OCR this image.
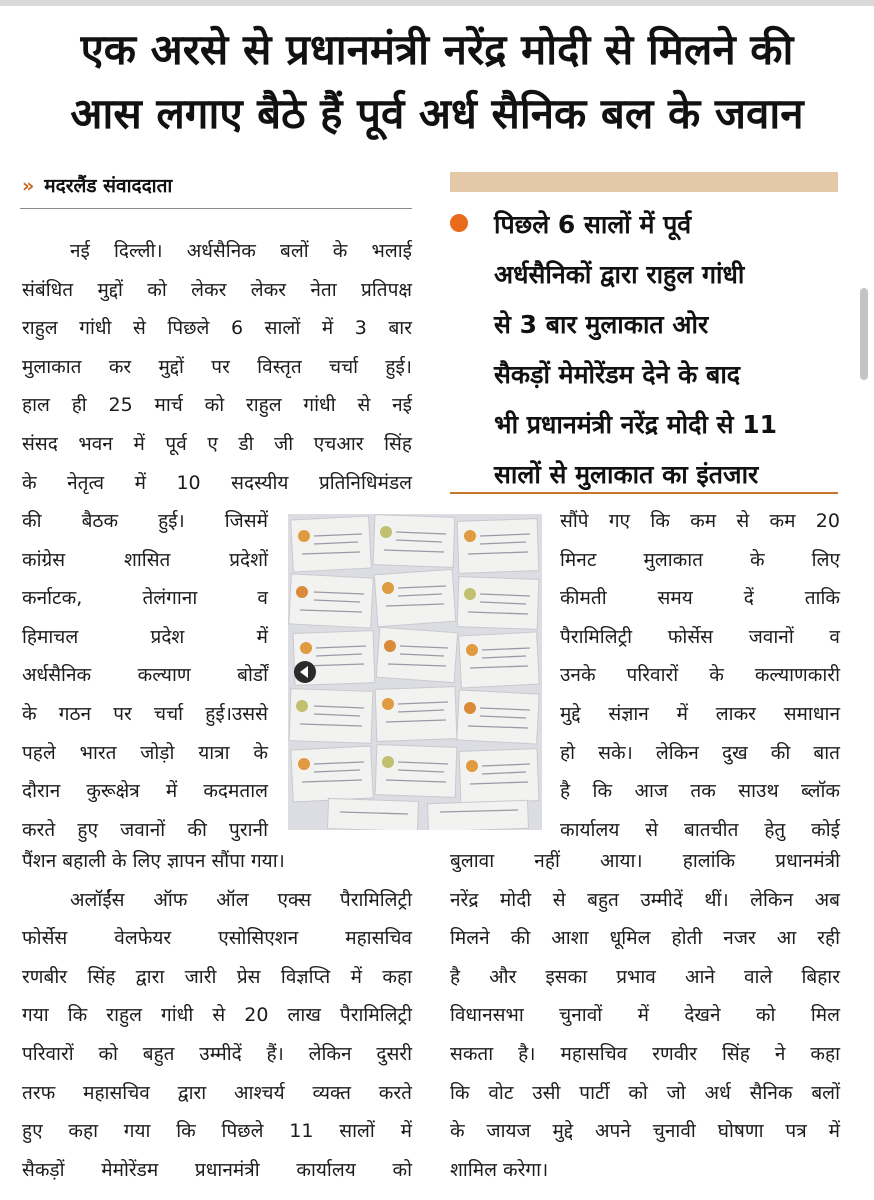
एक अरसे से प्रधानमंत्री नरेंद्र मोदी से मिलने की
आस लगाए बैठे हैं पूर्व अर्ध सैनिक बल के जवान
» मदरलैंड संवाददाता

पिछले 6 सालों में पूर्व

अर्धसैनिकों द्वारा राहुल गांधी

से 3 बार मुलाकात ओर

सैकड़ों मेमोरेंडम देने के बाद

भी प्रधानमंत्री नरेंद्र मोदी से 11

सालों से मुलाकात का इंतजार

नई दिल्ली। अर्धसैनिक बलों के भलाई

संबंधित मुद्दों को लेकर लेकर नेता प्रतिपक्ष

राहुल गांधी से पिछले 6 सालों में 3 बार

मुलाकात कर मुद्दों पर विस्तृत चर्चा हुई।

हाल ही 25 मार्च को राहुल गांधी से नई

संसद भवन में पूर्व ए डी जी एचआर सिंह

के नेतृत्व में 10 सदस्यीय प्रतिनिधिमंडल

की बैठक हुई। जिसमें

कांग्रेस शासित प्रदेशों

कर्नाटक, तेलंगाना व

हिमाचल प्रदेश में

अर्धसैनिक कल्याण बोर्डों

के गठन पर चर्चा हुई।उससे

पहले भारत जोड़ो यात्रा के

दौरान कुरूक्षेत्र में कदमताल

करते हुए जवानों की पुरानी

पैंशन बहाली के लिए ज्ञापन सौंपा गया।

अलॉईंस ऑफ ऑल एक्स पैरामिलिट्री

फोर्सेस वेलफेयर एसोसिएशन महासचिव

रणबीर सिंह द्वारा जारी प्रेस विज्ञप्ति में कहा

गया कि राहुल गांधी से 20 लाख पैरामिलिट्री

परिवारों को बहुत उम्मीदें हैं। लेकिन दुसरी

तरफ महासचिव द्वारा आश्चर्य व्यक्त करते

हुए कहा गया कि पिछले 11 सालों में

सैकड़ों मेमोरेंडम प्रधानमंत्री कार्यालय को

सौंपे गए कि कम से कम 20

मिनट मुलाकात के लिए

कीमती समय दें ताकि

पैरामिलिट्री फोर्सेस जवानों व

उनके परिवारों के कल्याणकारी

मुद्दे संज्ञान में लाकर समाधान

हो सके। लेकिन दुख की बात

है कि आज तक साउथ ब्लॉक

कार्यालय से बातचीत हेतु कोई

बुलावा नहीं आया। हालांकि प्रधानमंत्री

नरेंद्र मोदी से बहुत उम्मीदें थीं। लेकिन अब

मिलने की आशा धूमिल होती नजर आ रही

है और इसका प्रभाव आने वाले बिहार

विधानसभा चुनावों में देखने को मिल

सकता है। महासचिव रणवीर सिंह ने कहा

कि वोट उसी पार्टी को जो अर्ध सैनिक बलों

के जायज मुद्दे अपने चुनावी घोषणा पत्र में

शामिल करेगा।
